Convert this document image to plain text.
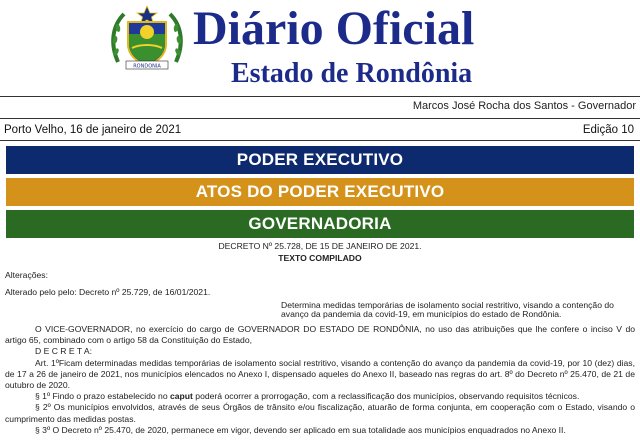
RONDONIA
Diário Oficial
Estado de Rondônia
Marcos José Rocha dos Santos - Governador
Porto Velho, 16 de janeiro de 2021	Edição 10
PODER EXECUTIVO
ATOS DO PODER EXECUTIVO
GOVERNADORIA

DECRETO Nº 25.728, DE 15 DE JANEIRO DE 2021.

TEXTO COMPILADO

Alterações:

Alterado pelo pelo: Decreto nº 25.729, de 16/01/2021.

Determina medidas temporárias de isolamento social restritivo, visando a contenção do avanço da pandemia da covid-19, em municípios do estado de Rondônia.

O VICE-GOVERNADOR, no exercício do cargo de GOVERNADOR DO ESTADO DE RONDÔNIA, no uso das atribuições que lhe confere o inciso V do artigo 65, combinado com o artigo 58 da Constituição do Estado,

D E C R E T A:

Art. 1ºFicam determinadas medidas temporárias de isolamento social restritivo, visando a contenção do avanço da pandemia da covid-19, por 10 (dez) dias, de 17 a 26 de janeiro de 2021, nos municípios elencados no Anexo I, dispensado aqueles do Anexo II, baseado nas regras do art. 8º do Decreto nº 25.470, de 21 de outubro de 2020.

§ 1º Findo o prazo estabelecido no caput poderá ocorrer a prorrogação, com a reclassificação dos municípios, observando requisitos técnicos.

§ 2º Os municípios envolvidos, através de seus Órgãos de trânsito e/ou fiscalização, atuarão de forma conjunta, em cooperação com o Estado, visando o cumprimento das medidas postas.

§ 3º O Decreto nº 25.470, de 2020, permanece em vigor, devendo ser aplicado em sua totalidade aos municípios enquadrados no Anexo II.
